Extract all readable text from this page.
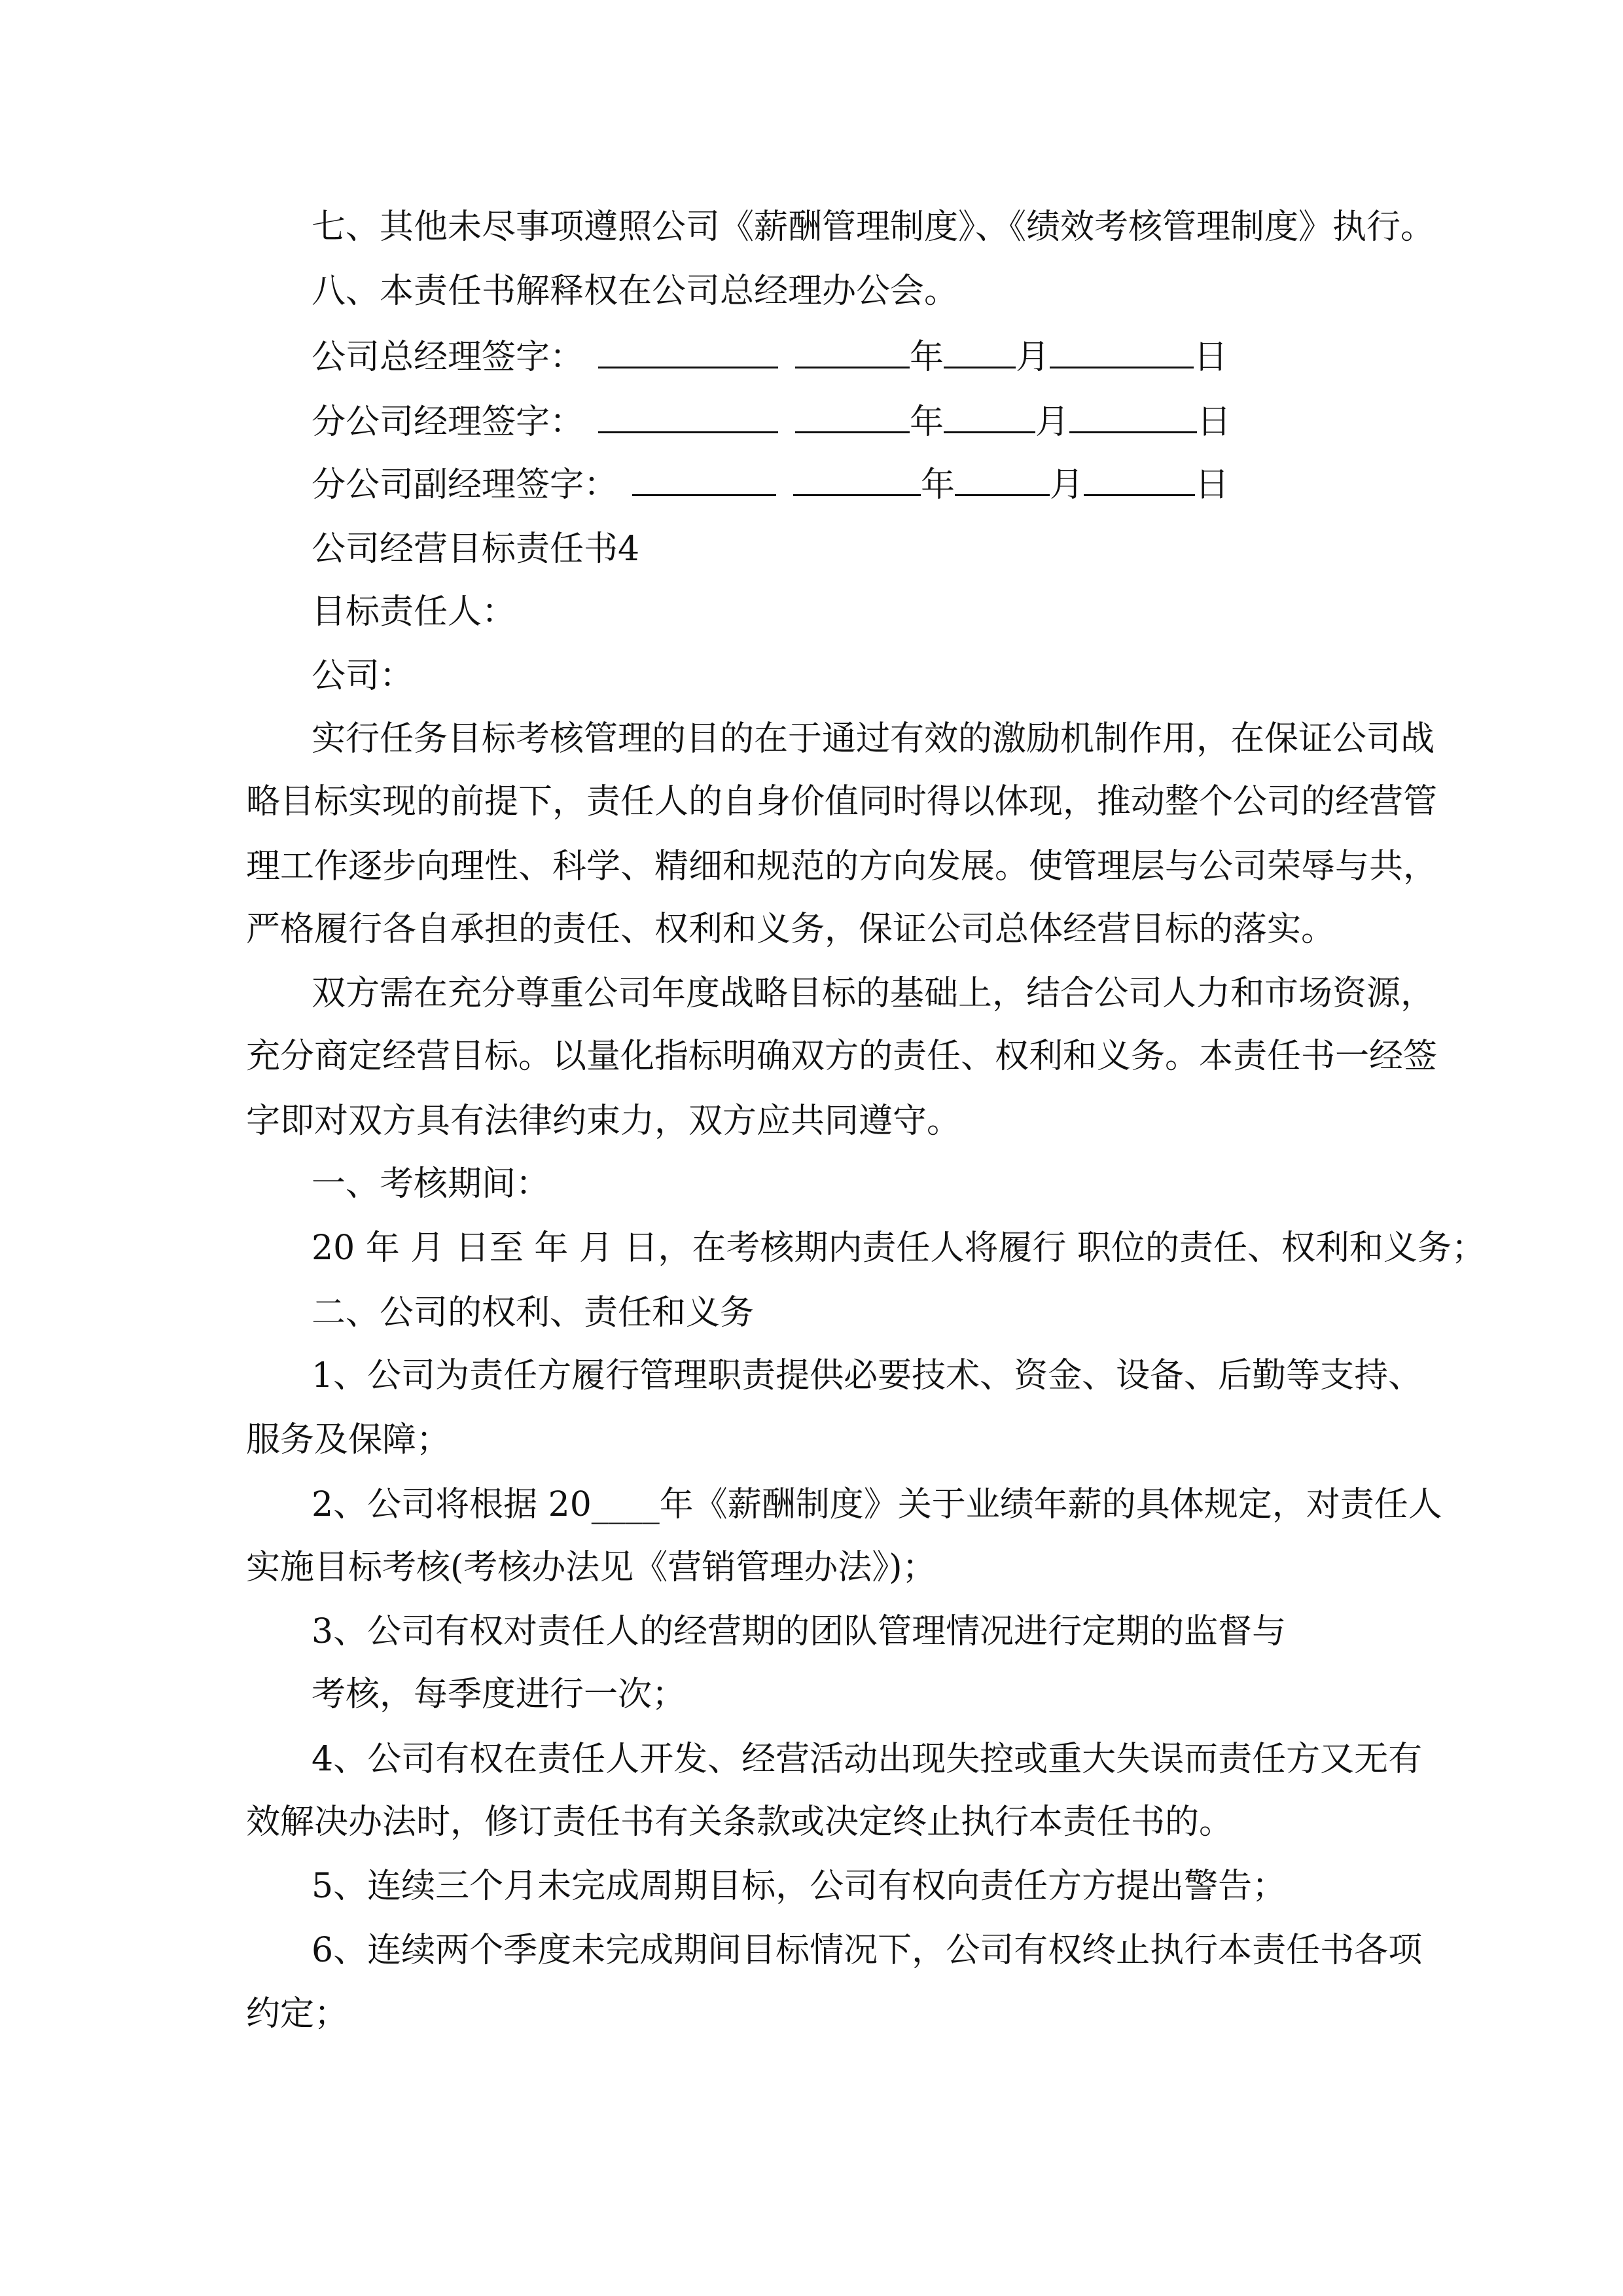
七、其他未尽事项遵照公司《薪酬管理制度》、《绩效考核管理制度》执行。
八、本责任书解释权在公司总经理办公会。
公司总经理签字：	年 月	日
分公司经理签字：	年	月	日
分公司副经理签字：	年	月	日
公司经营目标责任书4
目标责任人：
公司：
实行任务目标考核管理的目的在于通过有效的激励机制作用，在保证公司战
略目标实现的前提下，责任人的自身价值同时得以体现，推动整个公司的经营管
理工作逐步向理性、科学、精细和规范的方向发展。使管理层与公司荣辱与共，
严格履行各自承担的责任、权利和义务，保证公司总体经营目标的落实。
双方需在充分尊重公司年度战略目标的基础上，结合公司人力和市场资源，
充分商定经营目标。以量化指标明确双方的责任、权利和义务。本责任书一经签
字即对双方具有法律约束力，双方应共同遵守。
一、考核期间：
20 年 月 日至 年 月 日，在考核期内责任人将履行 职位的责任、权利和义务；
二、公司的权利、责任和义务
1、公司为责任方履行管理职责提供必要技术、资金、设备、后勤等支持、
服务及保障；
2、公司将根据 20____年《薪酬制度》关于业绩年薪的具体规定，对责任人
实施目标考核(考核办法见《营销管理办法》)；
3、公司有权对责任人的经营期的团队管理情况进行定期的监督与
考核，每季度进行一次；
4、公司有权在责任人开发、经营活动出现失控或重大失误而责任方又无有
效解决办法时，修订责任书有关条款或决定终止执行本责任书的。
5、连续三个月未完成周期目标，公司有权向责任方方提出警告；
6、连续两个季度未完成期间目标情况下，公司有权终止执行本责任书各项
约定；
